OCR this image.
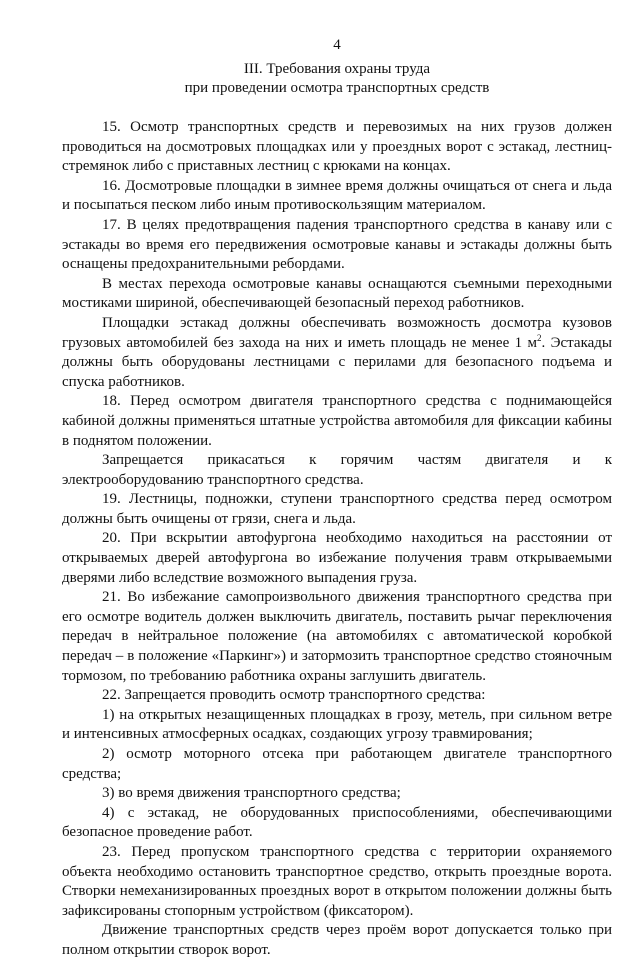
4
III. Требования охраны труда
при проведении осмотра транспортных средств

15. Осмотр транспортных средств и перевозимых на них грузов должен проводиться на досмотровых площадках или у проездных ворот с эстакад, лестниц-стремянок либо с приставных лестниц с крюками на концах.

16. Досмотровые площадки в зимнее время должны очищаться от снега и льда и посыпаться песком либо иным противоскользящим материалом.

17. В целях предотвращения падения транспортного средства в канаву или с эстакады во время его передвижения осмотровые канавы и эстакады должны быть оснащены предохранительными ребордами.

В местах перехода осмотровые канавы оснащаются съемными переходными мостиками шириной, обеспечивающей безопасный переход работников.

Площадки эстакад должны обеспечивать возможность досмотра кузовов грузовых автомобилей без захода на них и иметь площадь не менее 1 $м^2$. Эстакады должны быть оборудованы лестницами с перилами для безопасного подъема и спуска работников.

18. Перед осмотром двигателя транспортного средства с поднимающейся кабиной должны применяться штатные устройства автомобиля для фиксации кабины в поднятом положении.

Запрещается прикасаться к горячим частям двигателя и к электрооборудованию транспортного средства.

19. Лестницы, подножки, ступени транспортного средства перед осмотром должны быть очищены от грязи, снега и льда.

20. При вскрытии автофургона необходимо находиться на расстоянии от открываемых дверей автофургона во избежание получения травм открываемыми дверями либо вследствие возможного выпадения груза.

21. Во избежание самопроизвольного движения транспортного средства при его осмотре водитель должен выключить двигатель, поставить рычаг переключения передач в нейтральное положение (на автомобилях с автоматической коробкой передач – в положение «Паркинг») и затормозить транспортное средство стояночным тормозом, по требованию работника охраны заглушить двигатель.

22. Запрещается проводить осмотр транспортного средства:

1) на открытых незащищенных площадках в грозу, метель, при сильном ветре и интенсивных атмосферных осадках, создающих угрозу травмирования;

2) осмотр моторного отсека при работающем двигателе транспортного средства;

3) во время движения транспортного средства;

4) с эстакад, не оборудованных приспособлениями, обеспечивающими безопасное проведение работ.

23. Перед пропуском транспортного средства с территории охраняемого объекта необходимо остановить транспортное средство, открыть проездные ворота. Створки немеханизированных проездных ворот в открытом положении должны быть зафиксированы стопорным устройством (фиксатором).

Движение транспортных средств через проём ворот допускается только при полном открытии створок ворот.
